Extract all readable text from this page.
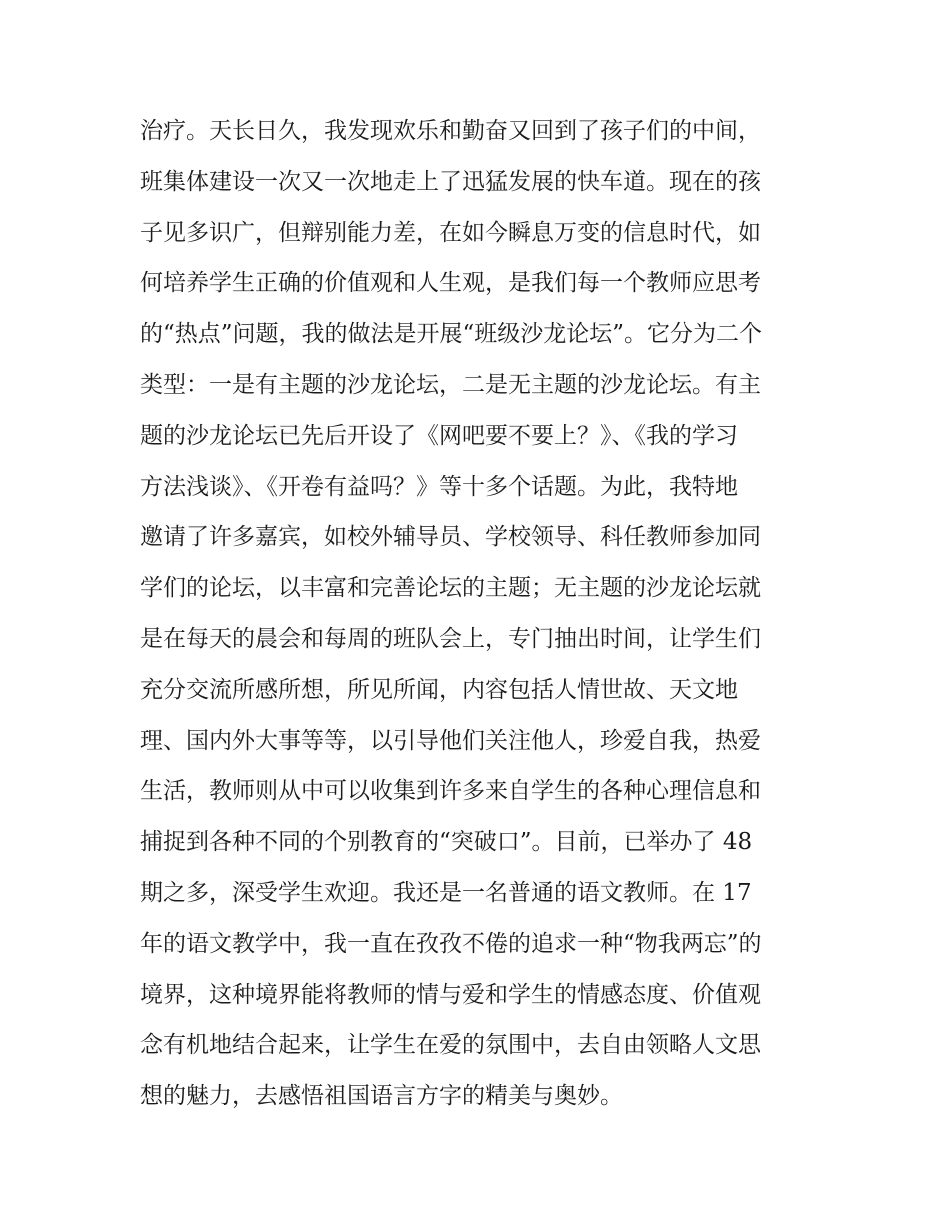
治疗。天长日久，我发现欢乐和勤奋又回到了孩子们的中间，
班集体建设一次又一次地走上了迅猛发展的快车道。现在的孩
子见多识广，但辩别能力差，在如今瞬息万变的信息时代，如
何培养学生正确的价值观和人生观，是我们每一个教师应思考
的“热点”问题，我的做法是开展“班级沙龙论坛”。它分为二个
类型：一是有主题的沙龙论坛，二是无主题的沙龙论坛。有主
题的沙龙论坛已先后开设了《网吧要不要上？》、《我的学习
方法浅谈》、《开卷有益吗？》等十多个话题。为此，我特地
邀请了许多嘉宾，如校外辅导员、学校领导、科任教师参加同
学们的论坛，以丰富和完善论坛的主题；无主题的沙龙论坛就
是在每天的晨会和每周的班队会上，专门抽出时间，让学生们
充分交流所感所想，所见所闻，内容包括人情世故、天文地
理、国内外大事等等，以引导他们关注他人，珍爱自我，热爱
生活，教师则从中可以收集到许多来自学生的各种心理信息和
捕捉到各种不同的个别教育的“突破口”。目前，已举办了 48
期之多，深受学生欢迎。我还是一名普通的语文教师。在 17
年的语文教学中，我一直在孜孜不倦的追求一种“物我两忘”的
境界，这种境界能将教师的情与爱和学生的情感态度、价值观
念有机地结合起来，让学生在爱的氛围中，去自由领略人文思
想的魅力，去感悟祖国语言方字的精美与奥妙。
